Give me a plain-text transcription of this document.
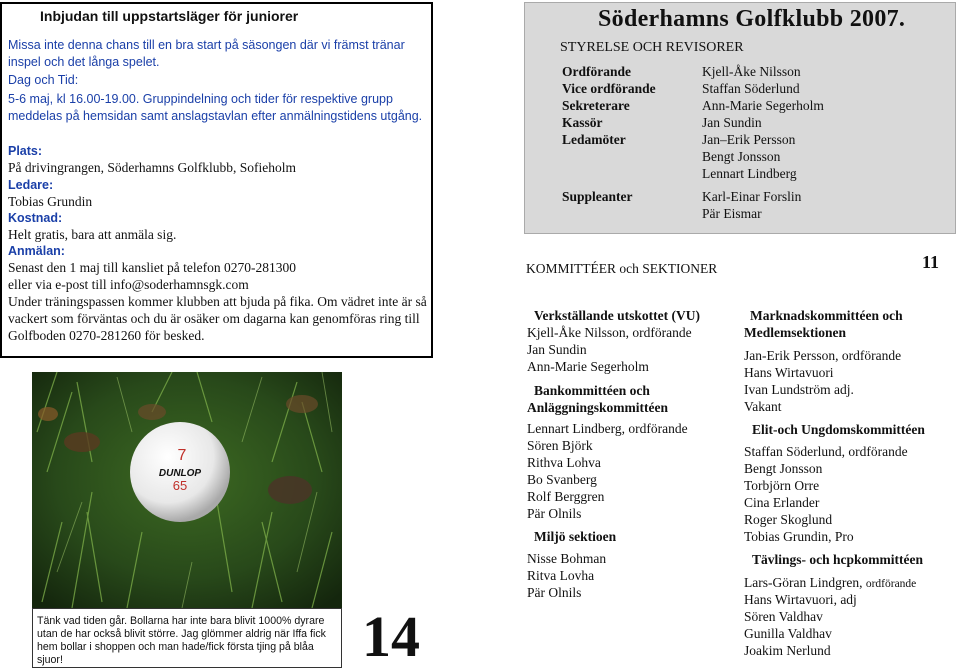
Inbjudan till uppstartsläger för juniorer
Missa inte denna chans till en bra start på säsongen där vi främst tränar inspel och det långa spelet.
Dag och Tid:
5-6 maj, kl 16.00-19.00. Gruppindelning och tider för respektive grupp meddelas på hemsidan samt anslagstavlan efter anmälningstidens utgång.
Plats:
På drivingrangen, Söderhamns Golfklubb, Sofieholm
Ledare:
Tobias Grundin
Kostnad:
Helt gratis, bara att anmäla sig.
Anmälan:
Senast den 1 maj till kansliet på telefon 0270-281300
eller via e-post till info@soderhamnsgk.com
Under träningspassen kommer klubben att bjuda på fika. Om vädret inte är så vackert som förväntas och du är osäker om dagarna kan genomföras ring till Golfboden 0270-281260 för besked.
7
DUNLOP
65
Tänk vad tiden går. Bollarna har inte bara blivit 1000% dyrare utan de har också blivit större. Jag glömmer aldrig när Iffa fick hem bollar i shoppen och man hade/fick första tjing på blåa sjuor!	14
Söderhamns Golfklubb 2007.
STYRELSE OCH REVISORER
Ordförande	Kjell-Åke Nilsson
Vice ordförande	Staffan Söderlund
Sekreterare	Ann-Marie Segerholm
Kassör	Jan Sundin
Ledamöter	Jan–Erik Persson
Bengt Jonsson
Lennart Lindberg
Suppleanter	Karl-Einar Forslin
Pär Eismar
KOMMITTÉER och SEKTIONER	11
Verkställande utskottet (VU)
Kjell-Åke Nilsson, ordförande
Jan Sundin
Ann-Marie Segerholm
Bankommittéen och
Anläggningskommittéen
Lennart Lindberg, ordförande
Sören Björk
Rithva Lohva
Bo Svanberg
Rolf Berggren
Pär Olnils
Miljö sektioen
Nisse Bohman
Ritva Lovha
Pär Olnils
Marknadskommittéen och
Medlemsektionen
Jan-Erik Persson, ordförande
Hans Wirtavuori
Ivan Lundström adj.
Vakant
Elit-och Ungdomskommittéen
Staffan Söderlund, ordförande
Bengt Jonsson
Torbjörn Orre
Cina Erlander
Roger Skoglund
Tobias Grundin, Pro
Tävlings- och hcpkommittéen
Lars-Göran Lindgren, ordförande
Hans Wirtavuori, adj
Sören Valdhav
Gunilla Valdhav
Joakim Nerlund
